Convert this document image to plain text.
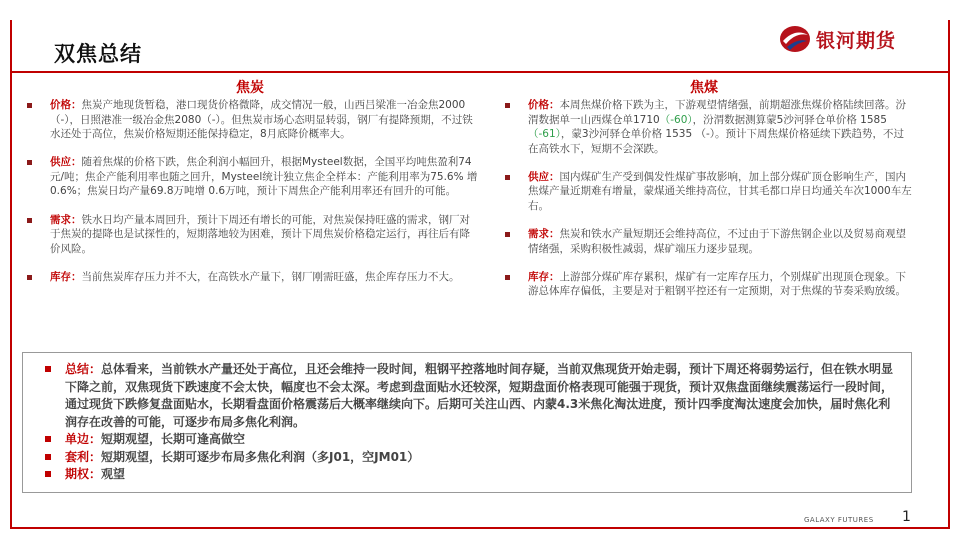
双焦总结
银河期货
焦炭
价格：焦炭产地现货暂稳，港口现货价格微降，成交情况一般，山西吕梁准一冶金焦2000（-），日照港准一级冶金焦2080（-）。但焦炭市场心态明显转弱，钢厂有提降预期，不过铁水还处于高位，焦炭价格短期还能保持稳定，8月底降价概率大。
供应：随着焦煤的价格下跌，焦企利润小幅回升，根据Mysteel数据，全国平均吨焦盈利74元/吨；焦企产能利用率也随之回升，Mysteel统计独立焦企全样本：产能利用率为75.6% 增 0.6%；焦炭日均产量69.8万吨增 0.6万吨，预计下周焦企产能利用率还有回升的可能。
需求：铁水日均产量本周回升，预计下周还有增长的可能，对焦炭保持旺盛的需求，钢厂对于焦炭的提降也是试探性的，短期落地较为困难，预计下周焦炭价格稳定运行，再往后有降价风险。
库存：当前焦炭库存压力并不大，在高铁水产量下，钢厂刚需旺盛，焦企库存压力不大。
焦煤
价格：本周焦煤价格下跌为主，下游观望情绪强，前期超涨焦煤价格陆续回落。汾渭数据单一山西煤仓单1710（-60），汾渭数据测算蒙5沙河驿仓单价格 1585 （-61），蒙3沙河驿仓单价格 1535 （-）。预计下周焦煤价格延续下跌趋势，不过在高铁水下，短期不会深跌。
供应：国内煤矿生产受到偶发性煤矿事故影响，加上部分煤矿顶仓影响生产，国内焦煤产量近期难有增量，蒙煤通关维持高位，甘其毛都口岸日均通关车次1000车左右。
需求：焦炭和铁水产量短期还会维持高位，不过由于下游焦钢企业以及贸易商观望情绪强，采购积极性减弱，煤矿端压力逐步显现。
库存：上游部分煤矿库存累积，煤矿有一定库存压力，个别煤矿出现顶仓现象。下游总体库存偏低，主要是对于粗钢平控还有一定预期，对于焦煤的节奏采购放缓。
总结：总体看来，当前铁水产量还处于高位，且还会维持一段时间，粗钢平控落地时间存疑，当前双焦现货开始走弱，预计下周还将弱势运行，但在铁水明显下降之前，双焦现货下跌速度不会太快，幅度也不会太深。考虑到盘面贴水还较深，短期盘面价格表现可能强于现货，预计双焦盘面继续震荡运行一段时间，通过现货下跌修复盘面贴水，长期看盘面价格震荡后大概率继续向下。后期可关注山西、内蒙4.3米焦化淘汰进度，预计四季度淘汰速度会加快，届时焦化利润存在改善的可能，可逐步布局多焦化利润。
单边：短期观望，长期可逢高做空
套利：短期观望，长期可逐步布局多焦化利润（多J01，空JM01）
期权：观望
GALAXY FUTURES 1
